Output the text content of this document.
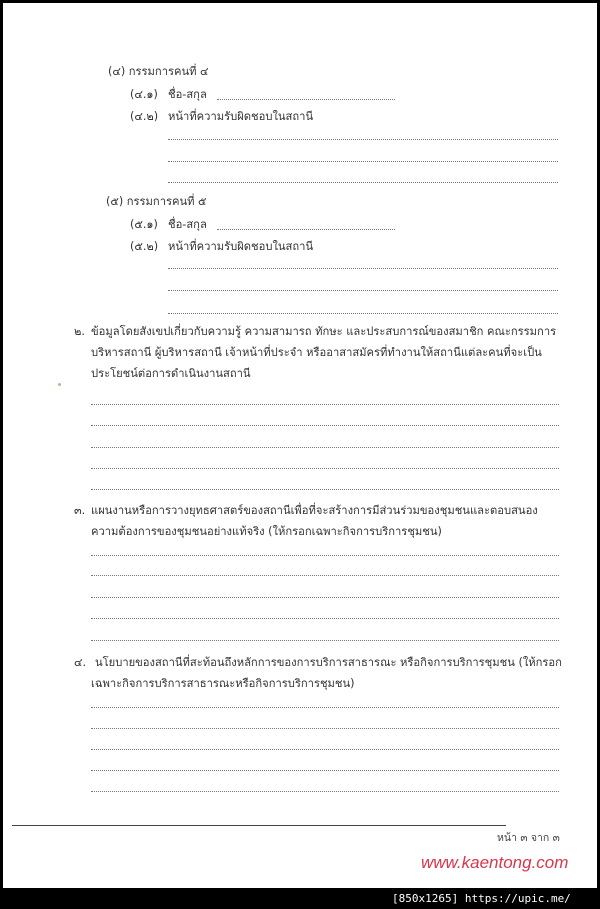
(๔) กรรมการคนที่ ๔
(๔.๑) ชื่อ-สกุล
(๔.๒) หน้าที่ความรับผิดชอบในสถานี
(๕) กรรมการคนที่ ๕
(๕.๑) ชื่อ-สกุล
(๕.๒) หน้าที่ความรับผิดชอบในสถานี
๒. ข้อมูลโดยสังเขปเกี่ยวกับความรู้ ความสามารถ ทักษะ และประสบการณ์ของสมาชิก คณะกรรมการ
บริหารสถานี ผู้บริหารสถานี เจ้าหน้าที่ประจำ หรืออาสาสมัครที่ทำงานให้สถานีแต่ละคนที่จะเป็น
ประโยชน์ต่อการดำเนินงานสถานี
๓. แผนงานหรือการวางยุทธศาสตร์ของสถานีเพื่อที่จะสร้างการมีส่วนร่วมของชุมชนและตอบสนอง
ความต้องการของชุมชนอย่างแท้จริง (ให้กรอกเฉพาะกิจการบริการชุมชน)
๔. นโยบายของสถานีที่สะท้อนถึงหลักการของการบริการสาธารณะ หรือกิจการบริการชุมชน (ให้กรอก
เฉพาะกิจการบริการสาธารณะหรือกิจการบริการชุมชน)
หน้า ๓ จาก ๓
www.kaentong.com
[850x1265] https://upic.me/
